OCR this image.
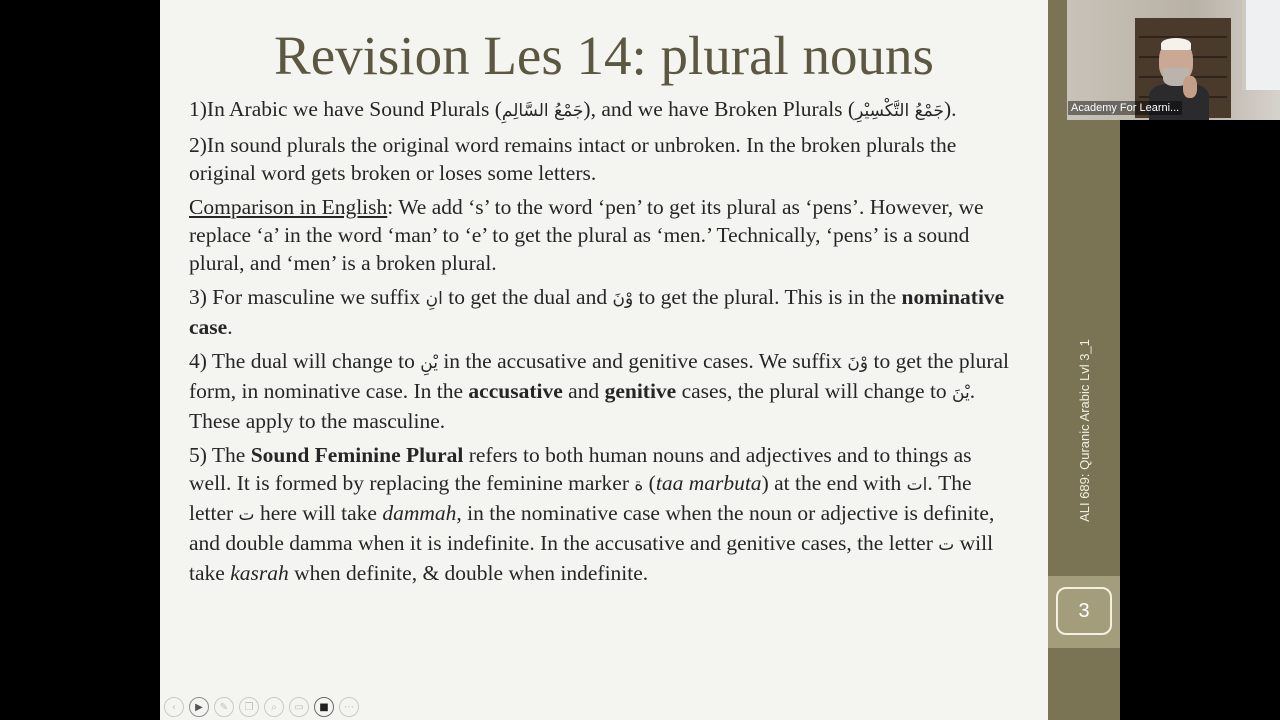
Revision Les 14: plural nouns

1)In Arabic we have Sound Plurals (جَمْعُ السَّالِمِ), and we have Broken Plurals (جَمْعُ التَّكْسِيْرِ).

2)In sound plurals the original word remains intact or unbroken. In the broken plurals the original word gets broken or loses some letters.

Comparison in English: We add ‘s’ to the word ‘pen’ to get its plural as ‘pens’. However, we replace ‘a’ in the word ‘man’ to ‘e’ to get the plural as ‘men.’ Technically, ‘pens’ is a sound plural, and ‘men’ is a broken plural.

3) For masculine we suffix انِ to get the dual and وْنَ to get the plural. This is in the nominative case.

4) The dual will change to يْنِ in the accusative and genitive cases. We suffix وْنَ to get the plural form, in nominative case. In the accusative and genitive cases, the plural will change to يْنَ. These apply to the masculine.

5) The Sound Feminine Plural refers to both human nouns and adjectives and to things as well. It is formed by replacing the feminine marker ة (taa marbuta) at the end with ات. The letter ت here will take dammah, in the nominative case when the noun or adjective is definite, and double damma when it is indefinite. In the accusative and genitive cases, the letter ت will take kasrah when definite, & double when indefinite.

ALI 689: Quranic Arabic Lvl 3_1
3
Academy For Learni...
‹	▶	✎	❐	⌕	▭	■	⋯
